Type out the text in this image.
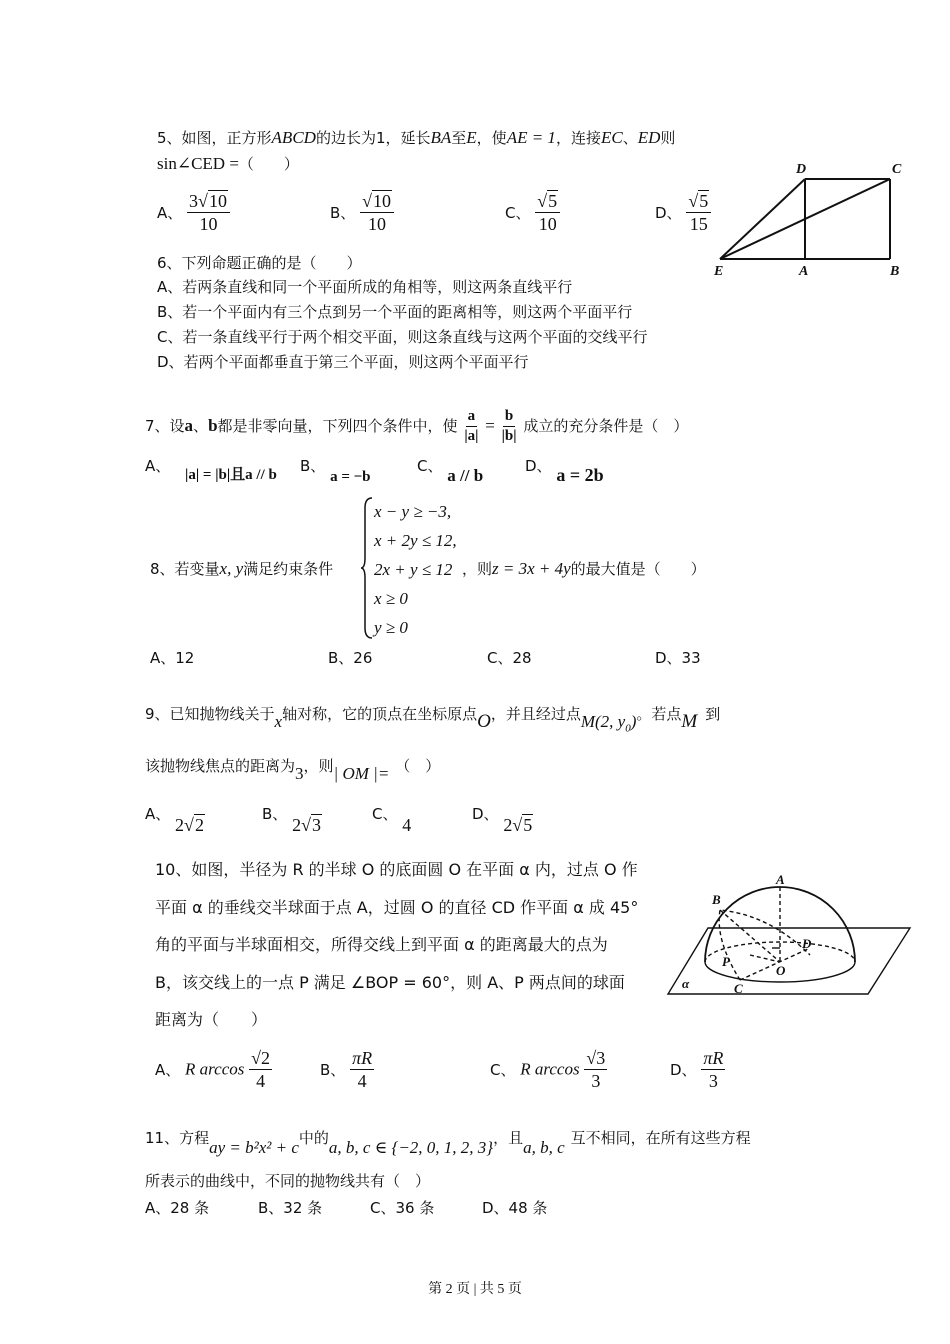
5、如图，正方形ABCD的边长为1，延长BA至E，使AE = 1，连接EC、ED则
sin∠CED =（　　）
A、 $\frac{3√10}{10}$	B、 $\frac{√10}{10}$	C、 $\frac{√5}{10}$	D、 $\frac{√5}{15}$
D	C
E	A	B
6、下列命题正确的是（　　）
A、若两条直线和同一个平面所成的角相等，则这两条直线平行
B、若一个平面内有三个点到另一个平面的距离相等，则这两个平面平行
C、若一条直线平行于两个相交平面，则这条直线与这两个平面的交线平行
D、若两个平面都垂直于第三个平面，则这两个平面平行
7、设a、b都是非零向量，下列四个条件中，使 $\frac{a}{|a|} = \frac{b}{|b|}$ 成立的充分条件是（　）
A、 |a| = |b|且a // b B、 a = −b
C、 a // b	D、 a = 2b
8、若变量x, y满足约束条件
x − y ≥ −3,
x + 2y ≤ 12,
2x + y ≤ 12
x ≥ 0
y ≥ 0
，则z = 3x + 4y的最大值是（　　）
A、12	B、26	C、28	D、33
9、已知抛物线关于x轴对称，它的顶点在坐标原点O，并且经过点M(2, $y_0$)。若点M 到
该抛物线焦点的距离为3，则| OM |= （　）
A、 2√2
B、 2√3
C、 4
D、 2√5
10、如图，半径为 R 的半球 O 的底面圆 O 在平面 α 内，过点 O 作
平面 α 的垂线交半球面于点 A，过圆 O 的直径 CD 作平面 α 成 45°
角的平面与半球面相交，所得交线上到平面 α 的距离最大的点为
B，该交线上的一点 P 满足 ∠BOP = 60°，则 A、P 两点间的球面
距离为（　　）
A
B
P
O
D
C
α
A、 R $\arccos \frac{√2}{4}$	B、 $\frac{\pi R}{4}$	C、 R $\arccos \frac{√3}{3}$	D、 $\frac{\pi R}{3}$
11、方程ay = b²x² + c中的a, b, c ∈ {−2, 0, 1, 2, 3}，且a, b, c 互不相同，在所有这些方程
所表示的曲线中，不同的抛物线共有（　）
A、28 条	B、32 条	C、36 条	D、48 条
第 2 页 | 共 5 页
